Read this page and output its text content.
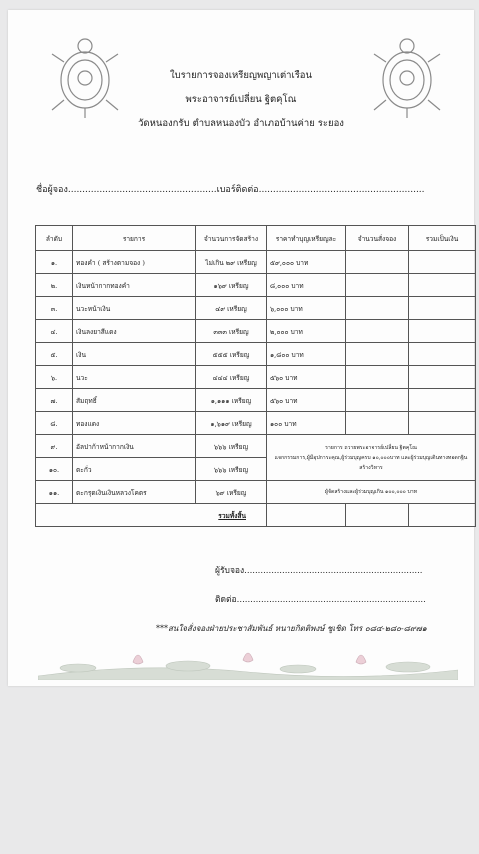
ใบรายการจองเหรียญพญาเต่าเรือน
พระอาจารย์เปลี่ยน ฐิตคุโณ
วัดหนองกรับ ตำบลหนองบัว อำเภอบ้านค่าย ระยอง
ชื่อผู้จอง....................................................เบอร์ติดต่อ..........................................................
ลำดับ	รายการ	จำนวนการจัดสร้าง	ราคาทำบุญเหรียญละ	จำนวนสั่งจอง	รวมเป็นเงิน
๑.	ทองคำ ( สร้างตามจอง )	ไม่เกิน ๒๙ เหรียญ	๕๙,๐๐๐ บาท		
๒.	เงินหน้ากากทองคำ	๑๖๙ เหรียญ	๘,๐๐๐ บาท		
๓.	นวะหน้าเงิน	๔๙ เหรียญ	๖,๐๐๐ บาท		
๔.	เงินลงยาสีแดง	๓๓๓ เหรียญ	๒,๐๐๐ บาท		
๕.	เงิน	๕๕๕ เหรียญ	๑,๘๐๐ บาท		
๖.	นวะ	๔๔๔ เหรียญ	๕๖๐ บาท		
๗.	สัมฤทธิ์	๑,๑๑๑ เหรียญ	๕๖๐ บาท		
๘.	ทองแดง	๑,๖๑๙ เหรียญ	๑๐๐ บาท		
๙.	อัลปาก้าหน้ากากเงิน	๖๖๖ เหรียญ	รายการ ถวายพระอาจารย์เปลี่ยน ฐิตคุโณ
แจกกรรมการ,ผู้มีอุปการะคุณ,ผู้ร่วมบุญครบ ๑๐,๐๐๐บาท และผู้ร่วมบุญเดินทางทอดกฐินสร้างวิหาร		
๑๐.	ตะกั่ว	๖๖๖ เหรียญ			
๑๑.	ตะกรุดเงินเงินหลวงโคตร	๖๙ เหรียญ	ผู้จัดสร้างและผู้ร่วมบุญเกิน ๑๐๐,๐๐๐ บาท		
รวมทั้งสิ้น					
ผู้รับจอง..................................................................
ติดต่อ......................................................................
***สนใจสั่งจองฝ่ายประชาสัมพันธ์ หนายกิตติพงษ์ ชูเชิด โทร ๐๘๔-๒๘๐-๘๙๗๑
